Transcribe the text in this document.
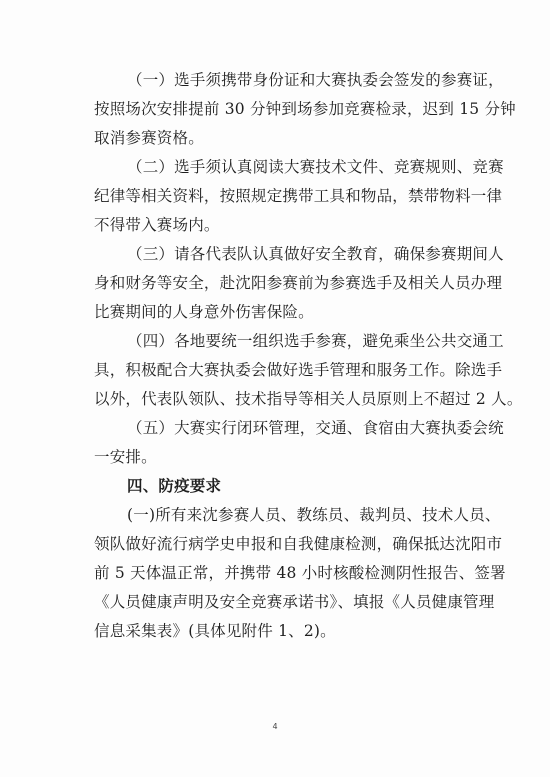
（一）选手须携带身份证和大赛执委会签发的参赛证，
按照场次安排提前 30 分钟到场参加竞赛检录，迟到 15 分钟
取消参赛资格。
（二）选手须认真阅读大赛技术文件、竞赛规则、竞赛
纪律等相关资料，按照规定携带工具和物品，禁带物料一律
不得带入赛场内。
（三）请各代表队认真做好安全教育，确保参赛期间人
身和财务等安全，赴沈阳参赛前为参赛选手及相关人员办理
比赛期间的人身意外伤害保险。
（四）各地要统一组织选手参赛，避免乘坐公共交通工
具，积极配合大赛执委会做好选手管理和服务工作。除选手
以外，代表队领队、技术指导等相关人员原则上不超过 2 人。
（五）大赛实行闭环管理，交通、食宿由大赛执委会统
一安排。
四、防疫要求
(一)所有来沈参赛人员、教练员、裁判员、技术人员、
领队做好流行病学史申报和自我健康检测，确保抵达沈阳市
前 5 天体温正常，并携带 48 小时核酸检测阴性报告、签署
《人员健康声明及安全竞赛承诺书》、填报《人员健康管理
信息采集表》(具体见附件 1、2)。
4
